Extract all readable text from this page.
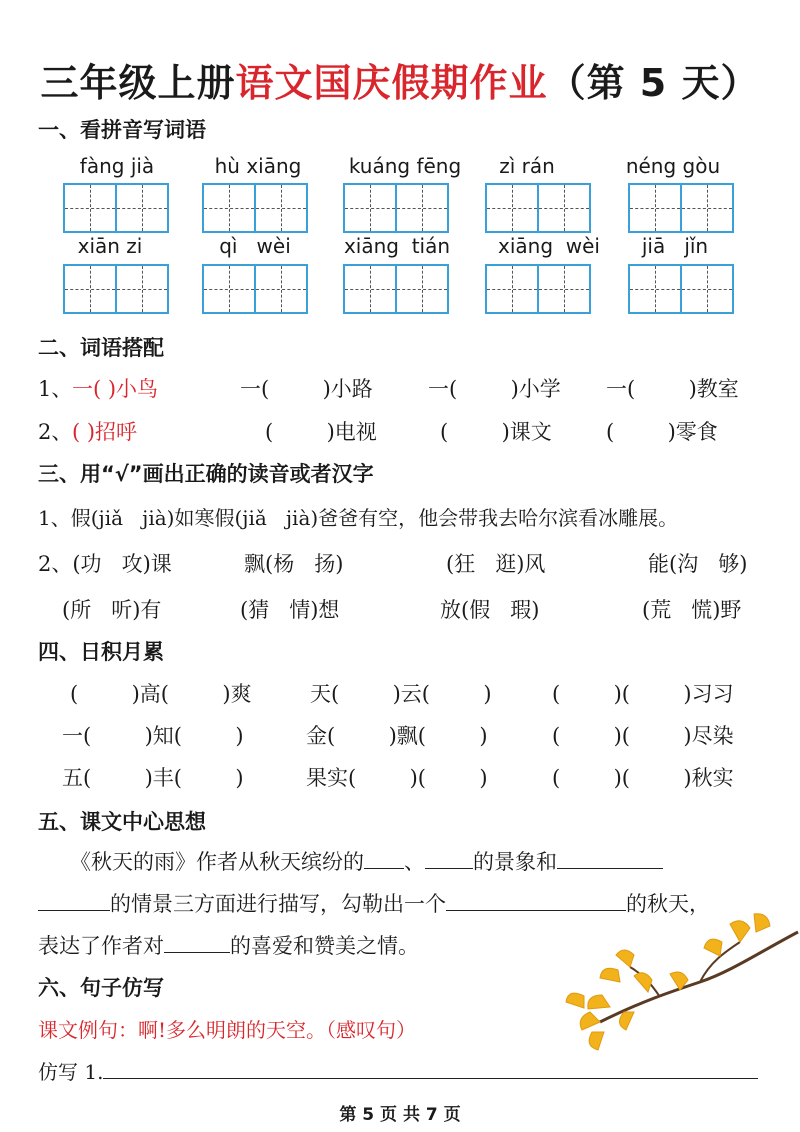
三年级上册语文国庆假期作业（第 5 天）
一、看拼音写词语
fàng jià	hù xiāng	kuáng fēng	zì rán	néng gòu
xiān zi	qì   wèi	xiāng  tián	xiāng  wèi	jiā   jǐn
二、词语搭配
1、 一( )小鸟	一(        )小路	一(        )小学 一(        )教室
2、 ( )招呼	(        )电视	(        )课文	(        )零食
三、用“√”画出正确的读音或者汉字
1、假(jiǎ   jià)如寒假(jiǎ   jià)爸爸有空，他会带我去哈尔滨看冰雕展。
2、(功   攻)课	飘(杨   扬)	(狂   逛)风	能(沟   够)
(所   听)有	(猜   情)想	放(假   瑕)	(荒   慌)野
四、日积月累
(        )高(        )爽	天(        )云(        )	(        )(        )习习
一(        )知(        )	金(        )飘(        )	(        )(        )尽染
五(        )丰(        )	果实(        )(        )	(        )(        )秋实
五、课文中心思想
《秋天的雨》作者从秋天缤纷的 、 的景象和
的情景三方面进行描写，勾勒出一个	的秋天，
表达了作者对	的喜爱和赞美之情。
六、句子仿写
课文例句：啊!多么明朗的天空。（感叹句）
仿写 1.
第 5 页 共 7 页
